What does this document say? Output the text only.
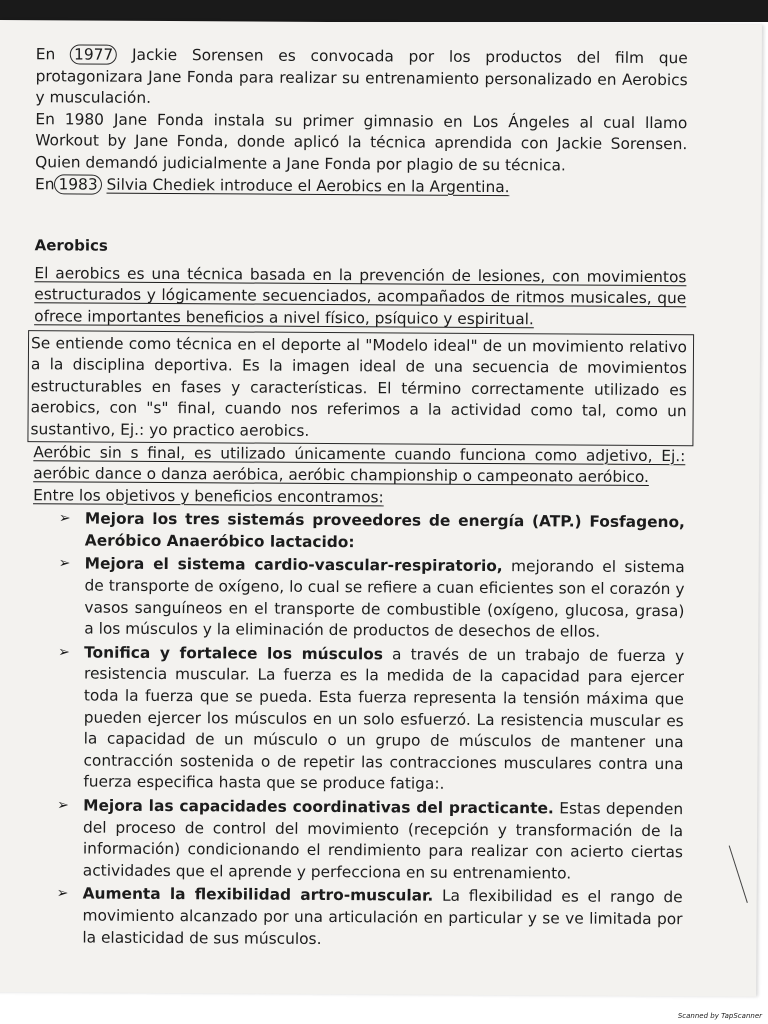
En 1977 Jackie Sorensen es convocada por los productos del film que protagonizara Jane Fonda para realizar su entrenamiento personalizado en Aerobics y musculación.

En 1980 Jane Fonda instala su primer gimnasio en Los Ángeles al cual llamo Workout by Jane Fonda, donde aplicó la técnica aprendida con Jackie Sorensen. Quien demandó judicialmente a Jane Fonda por plagio de su técnica.

En 1983 Silvia Chediek introduce el Aerobics en la Argentina.

Aerobics

El aerobics es una técnica basada en la prevención de lesiones, con movimientos estructurados y lógicamente secuenciados, acompañados de ritmos musicales, que ofrece importantes beneficios a nivel físico, psíquico y espiritual.

Se entiende como técnica en el deporte al "Modelo ideal" de un movimiento relativo a la disciplina deportiva. Es la imagen ideal de una secuencia de movimientos estructurables en fases y características. El término correctamente utilizado es aerobics, con "s" final, cuando nos referimos a la actividad como tal, como un sustantivo, Ej.: yo practico aerobics.

Aeróbic sin s final, es utilizado únicamente cuando funciona como adjetivo, Ej.: aeróbic dance o danza aeróbica, aeróbic championship o campeonato aeróbico.

Entre los objetivos y beneficios encontramos:

➢ Mejora los tres sistemás proveedores de energía (ATP.) Fosfageno, Aeróbico Anaeróbico lactacido:
➢ Mejora el sistema cardio-vascular-respiratorio, mejorando el sistema de transporte de oxígeno, lo cual se refiere a cuan eficientes son el corazón y vasos sanguíneos en el transporte de combustible (oxígeno, glucosa, grasa) a los músculos y la eliminación de productos de desechos de ellos.
➢ Tonifica y fortalece los músculos a través de un trabajo de fuerza y resistencia muscular. La fuerza es la medida de la capacidad para ejercer toda la fuerza que se pueda. Esta fuerza representa la tensión máxima que pueden ejercer los músculos en un solo esfuerzó. La resistencia muscular es la capacidad de un músculo o un grupo de músculos de mantener una contracción sostenida o de repetir las contracciones musculares contra una fuerza especifica hasta que se produce fatiga:.
➢ Mejora las capacidades coordinativas del practicante. Estas dependen del proceso de control del movimiento (recepción y transformación de la información) condicionando el rendimiento para realizar con acierto ciertas actividades que el aprende y perfecciona en su entrenamiento.
➢ Aumenta la flexibilidad artro-muscular. La flexibilidad es el rango de movimiento alcanzado por una articulación en particular y se ve limitada por la elasticidad de sus músculos.
Scanned by TapScanner
